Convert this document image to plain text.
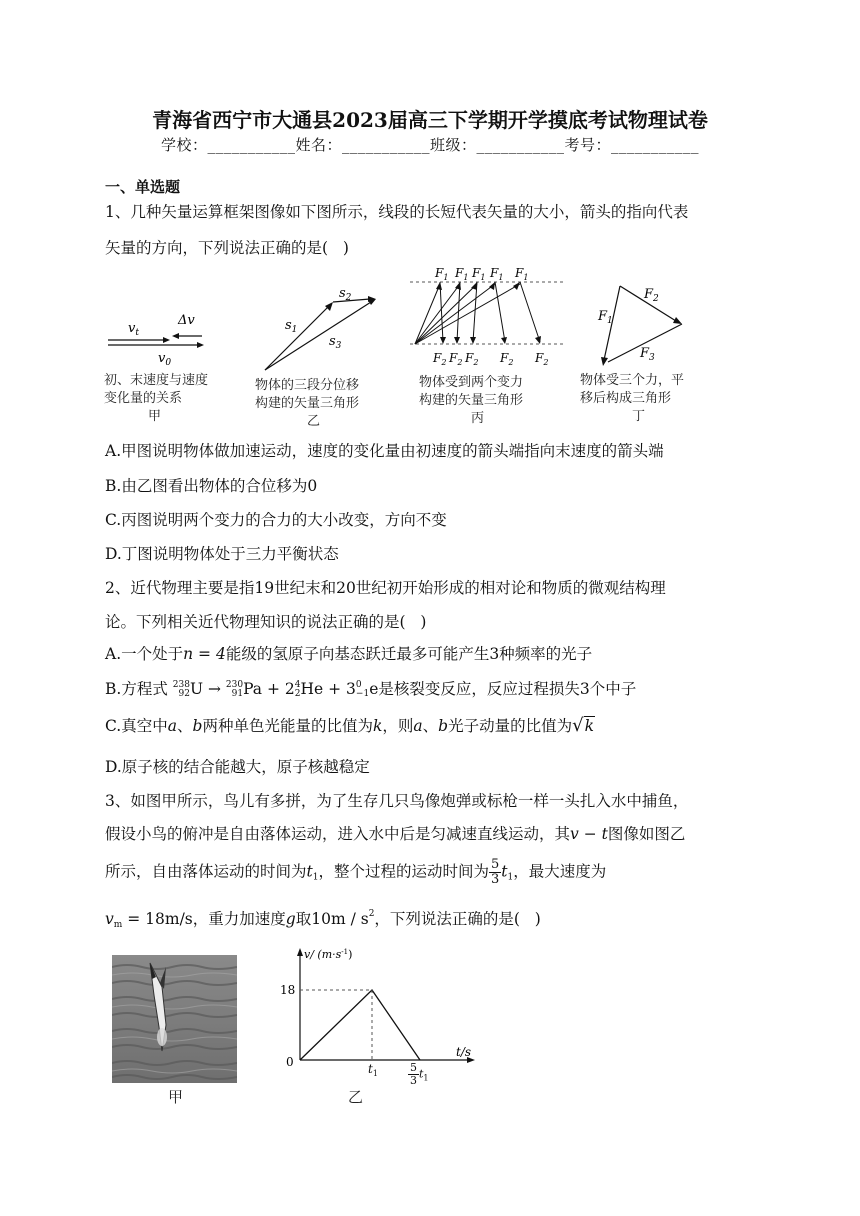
青海省西宁市大通县2023届高三下学期开学摸底考试物理试卷
学校：___________姓名：___________班级：___________考号：___________
一、单选题
1、几种矢量运算框架图像如下图所示，线段的长短代表矢量的大小，箭头的指向代表
矢量的方向，下列说法正确的是(   )
Δv
$v_t$
$v_0$
初、末速度与速度
变化量的关系
甲
$s_1$
$s_2$
$s_3$
物体的三段分位移
构建的矢量三角形
乙
$F_1$ $F_1$ $F_1$ $F_1$ $F_1$
$F_2$ $F_2$ $F_2$ $F_2$ $F_2$
物体受到两个变力
构建的矢量三角形
丙
$F_1$
$F_2$
$F_3$
物体受三个力，平
移后构成三角形
丁
A.甲图说明物体做加速运动，速度的变化量由初速度的箭头端指向末速度的箭头端
B.由乙图看出物体的合位移为0
C.丙图说明两个变力的合力的大小改变，方向不变
D.丁图说明物体处于三力平衡状态
2、近代物理主要是指19世纪末和20世纪初开始形成的相对论和物质的微观结构理
论。下列相关近代物理知识的说法正确的是(   )
A.一个处于n = 4能级的氢原子向基态跃迁最多可能产生3种频率的光子
B.方程式 238
92 U → 230
91 Pa + 2 4
2 He + 3 0
−1 e是核裂变反应，反应过程损失3个中子
C.真空中a、b两种单色光能量的比值为k，则a、b光子动量的比值为√k
D.原子核的结合能越大，原子核越稳定
3、如图甲所示，鸟儿有多拼，为了生存几只鸟像炮弹或标枪一样一头扎入水中捕鱼，
假设小鸟的俯冲是自由落体运动，进入水中后是匀减速直线运动，其v − t图像如图乙
所示，自由落体运动的时间为$t_1$，整个过程的运动时间为 $\frac{5}{3} t_1$，最大速度为
$v_m = 18m/s$，重力加速度g取$10m / s^2$，下列说法正确的是(   )
甲
v/ $(m\cdot s^{-1})$
t/s
18
0	$t_1$	$\frac{5}{3} t_1$
乙
